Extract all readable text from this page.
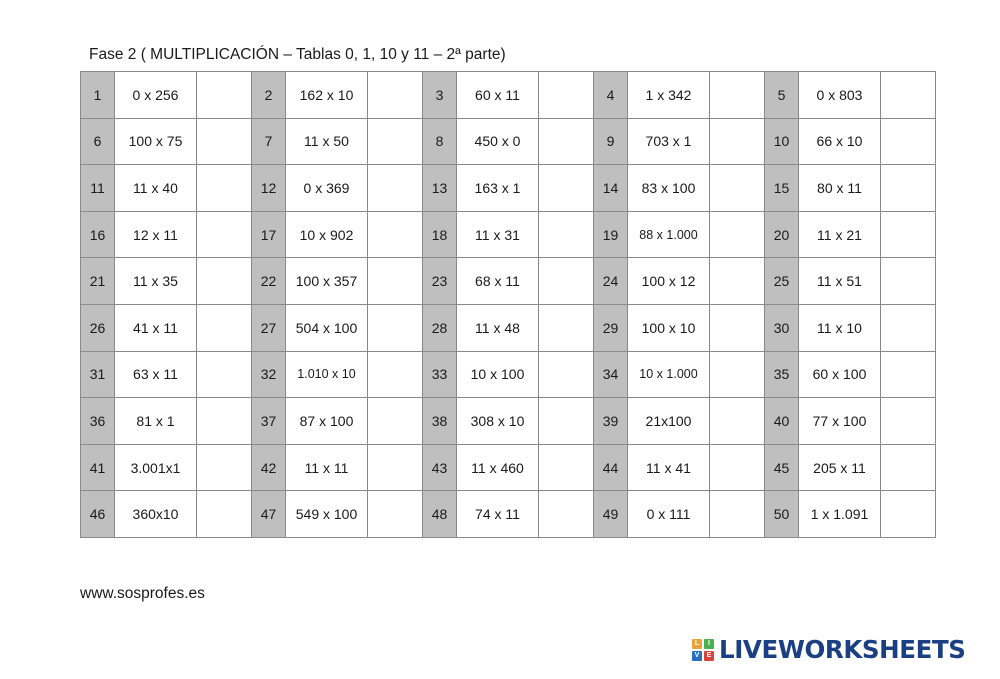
Fase 2 ( MULTIPLICACIÓN – Tablas 0, 1, 10 y 11 – 2ª parte)
1	0 x 256		2	162 x 10		3	60 x 11		4	1 x 342		5	0 x 803	
6	100 x 75		7	11 x 50		8	450 x 0		9	703 x 1		10	66 x 10	
11	11 x 40		12	0 x 369		13	163 x 1		14	83 x 100		15	80 x 11	
16	12 x 11		17	10 x 902		18	11 x 31		19	88 x 1.000		20	11 x 21	
21	11 x 35		22	100 x 357		23	68 x 11		24	100 x 12		25	11 x 51	
26	41 x 11		27	504 x 100		28	11 x 48		29	100 x 10		30	11 x 10	
31	63 x 11		32	1.010 x 10		33	10 x 100		34	10 x 1.000		35	60 x 100	
36	81 x 1		37	87 x 100		38	308 x 10		39	21x100		40	77 x 100	
41	3.001x1		42	11 x 11		43	11 x 460		44	11 x 41		45	205 x 11	
46	360x10		47	549 x 100		48	74 x 11		49	0 x 111		50	1 x 1.091	
www.sosprofes.es
L	I
V	E LIVEWORKSHEETS
